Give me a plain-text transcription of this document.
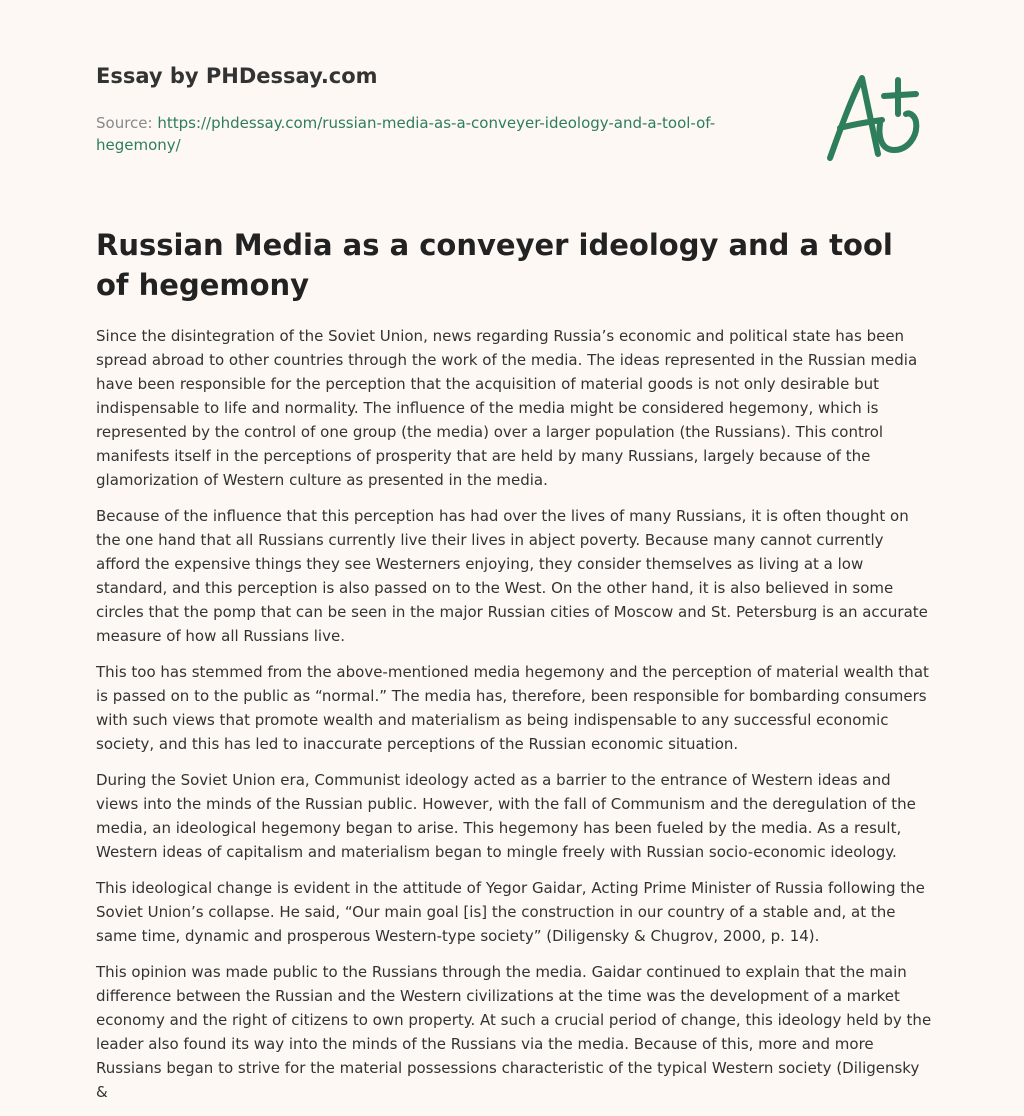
Essay by PHDessay.com
Source: https://phdessay.com/russian-media-as-a-conveyer-ideology-and-a-tool-of-hegemony/
Russian Media as a conveyer ideology and a tool of hegemony

Since the disintegration of the Soviet Union, news regarding Russia’s economic and political state has been spread abroad to other countries through the work of the media. The ideas represented in the Russian media have been responsible for the perception that the acquisition of material goods is not only desirable but indispensable to life and normality. The influence of the media might be considered hegemony, which is represented by the control of one group (the media) over a larger population (the Russians). This control manifests itself in the perceptions of prosperity that are held by many Russians, largely because of the glamorization of Western culture as presented in the media.

Because of the influence that this perception has had over the lives of many Russians, it is often thought on the one hand that all Russians currently live their lives in abject poverty. Because many cannot currently afford the expensive things they see Westerners enjoying, they consider themselves as living at a low standard, and this perception is also passed on to the West. On the other hand, it is also believed in some circles that the pomp that can be seen in the major Russian cities of Moscow and St. Petersburg is an accurate measure of how all Russians live.

This too has stemmed from the above-mentioned media hegemony and the perception of material wealth that is passed on to the public as “normal.” The media has, therefore, been responsible for bombarding consumers with such views that promote wealth and materialism as being indispensable to any successful economic society, and this has led to inaccurate perceptions of the Russian economic situation.

During the Soviet Union era, Communist ideology acted as a barrier to the entrance of Western ideas and views into the minds of the Russian public. However, with the fall of Communism and the deregulation of the media, an ideological hegemony began to arise. This hegemony has been fueled by the media. As a result, Western ideas of capitalism and materialism began to mingle freely with Russian socio-economic ideology.

This ideological change is evident in the attitude of Yegor Gaidar, Acting Prime Minister of Russia following the Soviet Union’s collapse. He said, “Our main goal [is] the construction in our country of a stable and, at the same time, dynamic and prosperous Western-type society” (Diligensky & Chugrov, 2000, p. 14).

This opinion was made public to the Russians through the media. Gaidar continued to explain that the main difference between the Russian and the Western civilizations at the time was the development of a market economy and the right of citizens to own property. At such a crucial period of change, this ideology held by the leader also found its way into the minds of the Russians via the media. Because of this, more and more Russians began to strive for the material possessions characteristic of the typical Western society (Diligensky &
